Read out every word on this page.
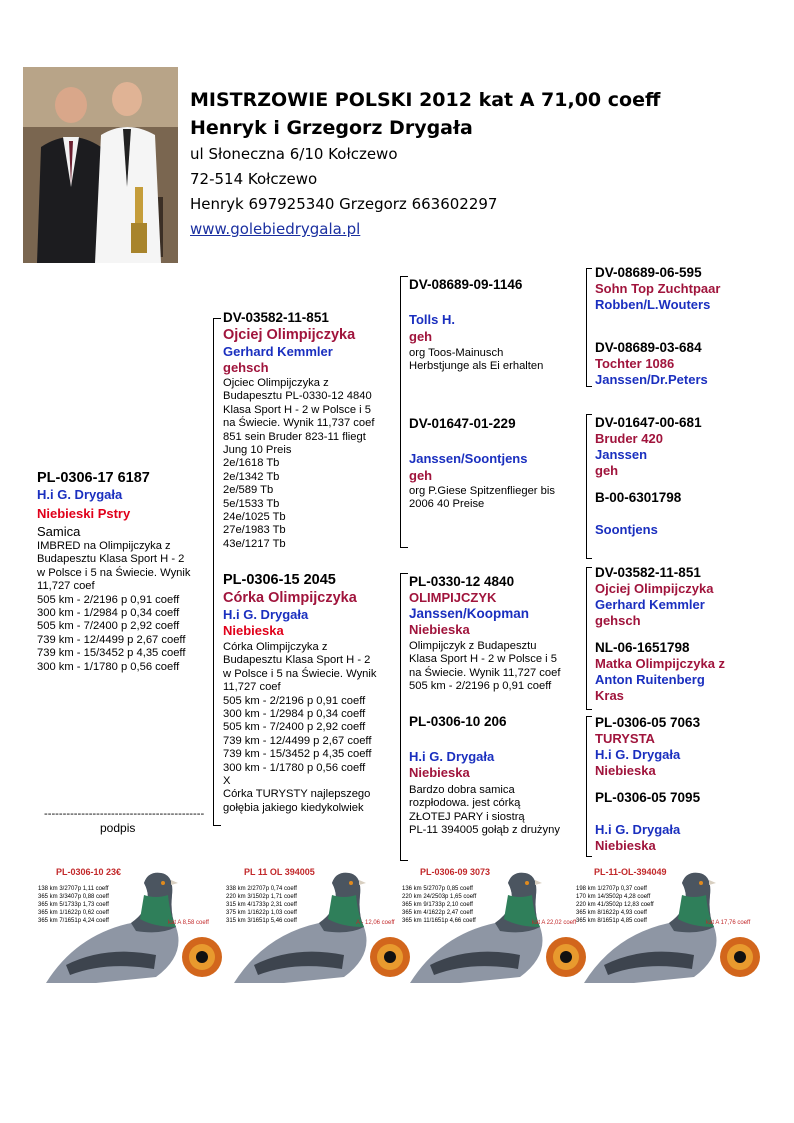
MISTRZOWIE POLSKI 2012 kat A 71,00 coeff
Henryk i Grzegorz Drygała
ul Słoneczna 6/10 Kołczewo
72-514 Kołczewo
Henryk 697925340 Grzegorz 663602297
www.golebiedrygala.pl
PL-0306-17 6187
H.i G. Drygała
Niebieski Pstry
Samica
IMBRED na Olimpijczyka z
Budapesztu Klasa Sport H - 2
w Polsce i 5 na Świecie. Wynik
11,727 coef
505 km - 2/2196 p 0,91 coeff
300 km - 1/2984 p 0,34 coeff
505 km - 7/2400 p 2,92 coeff
739 km - 12/4499 p 2,67 coeff
739 km - 15/3452 p 4,35 coeff
300 km - 1/1780 p 0,56 coeff
-------------------------------------------
podpis
DV-03582-11-851
Ojciej Olimpijczyka
Gerhard Kemmler
gehsch
Ojciec Olimpijczyka z
Budapesztu PL-0330-12 4840
Klasa Sport H - 2 w Polsce i 5
na Świecie. Wynik 11,737 coef
851 sein Bruder 823-11 fliegt
Jung 10 Preis
2e/1618 Tb
2e/1342 Tb
2e/589 Tb
5e/1533 Tb
24e/1025 Tb
27e/1983 Tb
43e/1217 Tb
PL-0306-15 2045
Córka Olimpijczyka
H.i G. Drygała
Niebieska
Córka Olimpijczyka z
Budapesztu Klasa Sport H - 2
w Polsce i 5 na Świecie. Wynik
11,727 coef
505 km - 2/2196 p 0,91 coeff
300 km - 1/2984 p 0,34 coeff
505 km - 7/2400 p 2,92 coeff
739 km - 12/4499 p 2,67 coeff
739 km - 15/3452 p 4,35 coeff
300 km - 1/1780 p 0,56 coeff
X
Córka TURYSTY najlepszego
gołębia jakiego kiedykolwiek
DV-08689-09-1146
Tolls H.
geh
org Toos-Mainusch
Herbstjunge als Ei erhalten
DV-01647-01-229
Janssen/Soontjens
geh
org P.Giese Spitzenflieger bis
2006 40 Preise
PL-0330-12 4840
OLIMPIJCZYK
Janssen/Koopman
Niebieska
Olimpijczyk z Budapesztu
Klasa Sport H - 2 w Polsce i 5
na Świecie. Wynik 11,727 coef
505 km - 2/2196 p 0,91 coeff
PL-0306-10 206
H.i G. Drygała
Niebieska
Bardzo dobra samica
rozpłodowa. jest córką
ZŁOTEJ PARY i siostrą
PL-11 394005 gołąb z drużyny
DV-08689-06-595
Sohn Top Zuchtpaar
Robben/L.Wouters
DV-08689-03-684
Tochter 1086
Janssen/Dr.Peters
DV-01647-00-681
Bruder 420
Janssen
geh
B-00-6301798
Soontjens
DV-03582-11-851
Ojciej Olimpijczyka
Gerhard Kemmler
gehsch
NL-06-1651798
Matka Olimpijczyka z
Anton Ruitenberg
Kras
PL-0306-05 7063
TURYSTA
H.i G. Drygała
Niebieska
PL-0306-05 7095
H.i G. Drygała
Niebieska
PL-0306-10 23€
138 km 3/2707p 1,11 coeff
365 km 3/3407p 0,88 coeff
365 km 5/1733p 1,73 coeff
365 km 1/1622p 0,62 coeff
365 km 7/1651p 4,24 coeff	kat A 8,58 coeff
PL 11 OL 394005
338 km 2/2707p 0,74 coeff
220 km 3/1502p 1,71 coeff
315 km 4/1733p 2,31 coeff
375 km 1/1622p 1,03 coeff
315 km 3/1651p 5,46 coeff	A - 12,06 coeff
PL-0306-09 3073
136 km 5/2707p 0,85 coeff
220 km 24/2503p 1,65 coeff
365 km 9/1733p 2,10 coeff
365 km 4/1622p 2,47 coeff
365 km 11/1651p 4,66 coeff	kat A 22,02 coeff
PL-11-OL-394049
198 km 1/2707p 0,37 coeff
170 km 14/3502p 4,28 coeff
220 km 41/3502p 12,83 coeff
365 km 8/1622p 4,93 coeff
365 km 8/1651p 4,85 coeff	kat A 17,76 coeff
